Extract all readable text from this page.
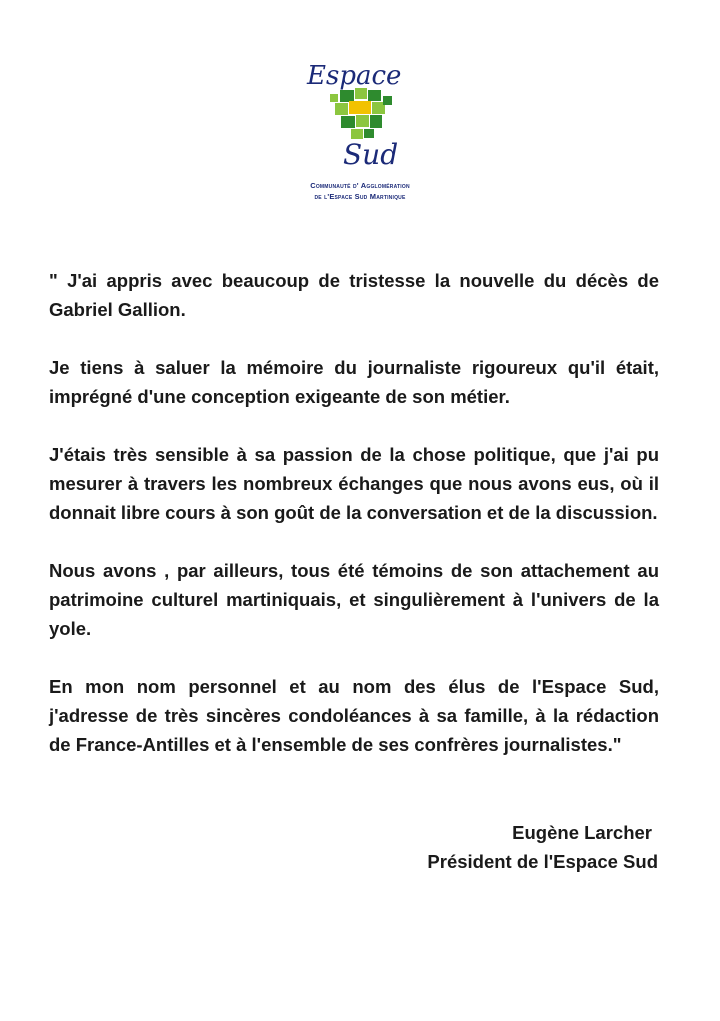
Espace
Sud
Communauté d' Agglomération
de l'Espace Sud Martinique

" J'ai appris avec beaucoup de tristesse la nouvelle du décès de Gabriel Gallion.

Je tiens à saluer la mémoire du journaliste rigoureux qu'il était, imprégné d'une conception exigeante de son métier.

J'étais très sensible à sa passion de la chose politique, que j'ai pu mesurer à travers les nombreux échanges que nous avons eus, où il donnait libre cours à son goût de la conversation et de la discussion.

Nous avons , par ailleurs, tous été témoins de son attachement au patrimoine culturel martiniquais, et singulièrement à l'univers de la yole.

En mon nom personnel et au nom des élus de l'Espace Sud, j'adresse de très sincères condoléances à sa famille, à la rédaction de France-Antilles et à l'ensemble de ses confrères journalistes."

Eugène Larcher
Président de l'Espace Sud
